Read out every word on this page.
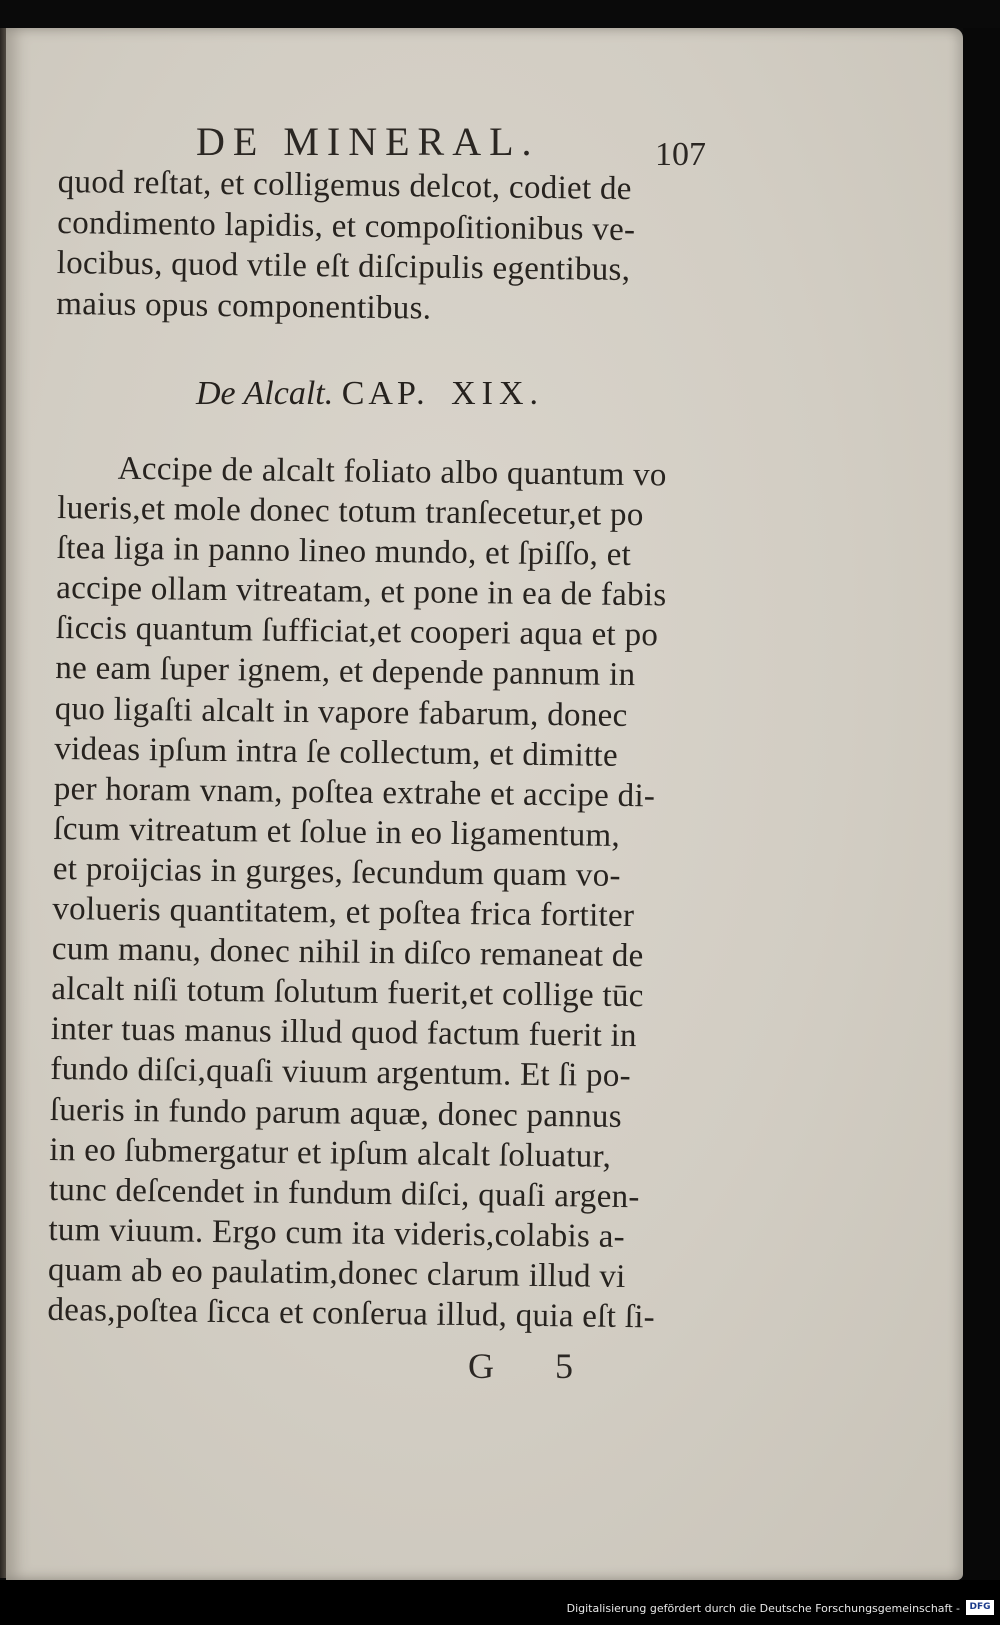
DE MINERAL.	107
quod reſtat, et colligemus delcot, codiet de
condimento lapidis, et compoſitionibus ve-
locibus, quod vtile eſt diſcipulis egentibus,
maius opus componentibus.
De Alcalt. CAP. XIX.
Accipe de alcalt foliato albo quantum vo
lueris,et mole donec totum tranſecetur,et po
ſtea liga in panno lineo mundo, et ſpiſſo, et
accipe ollam vitreatam, et pone in ea de fabis
ſiccis quantum ſufficiat,et cooperi aqua et po
ne eam ſuper ignem, et depende pannum in
quo ligaſti alcalt in vapore fabarum, donec
videas ipſum intra ſe collectum, et dimitte
per horam vnam, poſtea extrahe et accipe di-
ſcum vitreatum et ſolue in eo ligamentum,
et proijcias in gurges, ſecundum quam vo-
volueris quantitatem, et poſtea frica fortiter
cum manu, donec nihil in diſco remaneat de
alcalt niſi totum ſolutum fuerit,et collige tūc
inter tuas manus illud quod factum fuerit in
fundo diſci,quaſi viuum argentum. Et ſi po-
ſueris in fundo parum aquæ, donec pannus
in eo ſubmergatur et ipſum alcalt ſoluatur,
tunc deſcendet in fundum diſci, quaſi argen-
tum viuum. Ergo cum ita videris,colabis a-
quam ab eo paulatim,donec clarum illud vi
deas,poſtea ſicca et conſerua illud, quia eſt ſi-
G 5
Digitalisierung gefördert durch die Deutsche Forschungsgemeinschaft -	DFG
